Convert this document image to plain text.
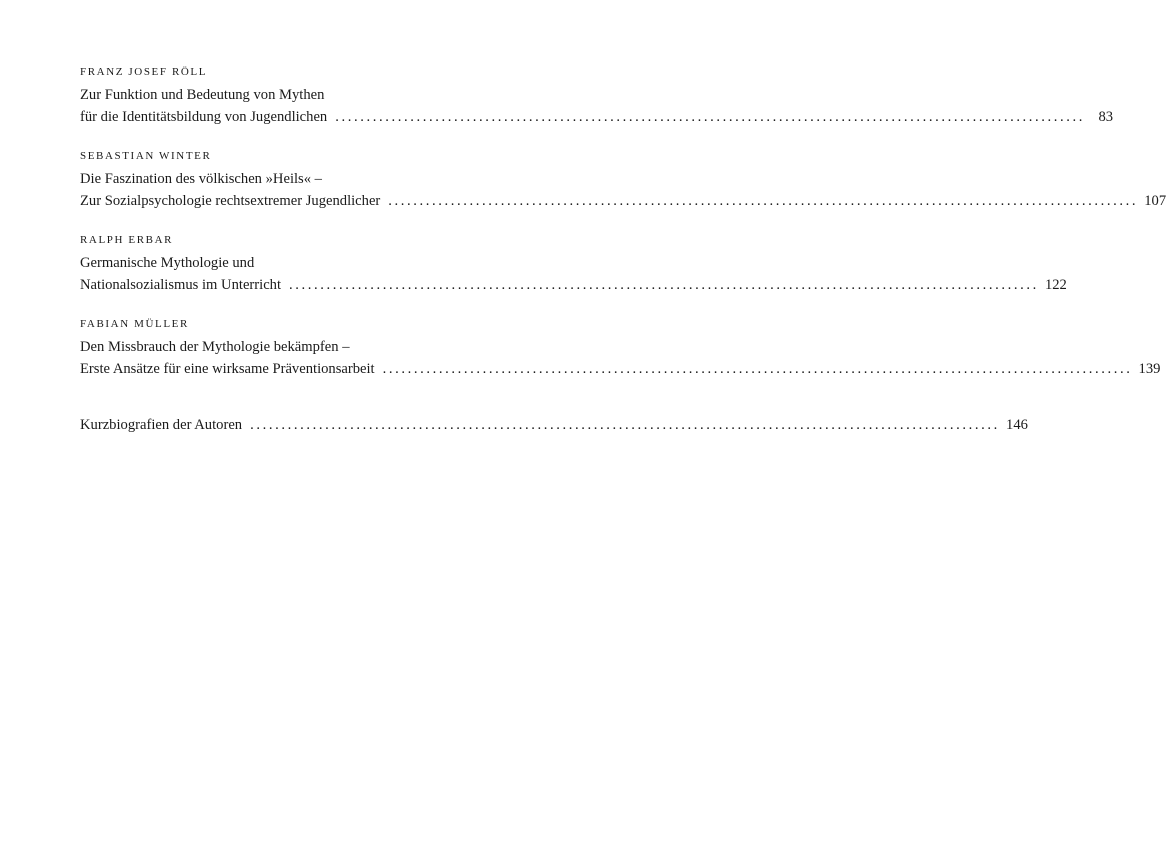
FRANZ JOSEF RÖLL
Zur Funktion und Bedeutung von Mythen
für die Identitätsbildung von Jugendlichen ........................................................................................................................ 83
SEBASTIAN WINTER
Die Faszination des völkischen »Heils« –
Zur Sozialpsychologie rechtsextremer Jugendlicher ........................................................................................................................ 107
RALPH ERBAR
Germanische Mythologie und
Nationalsozialismus im Unterricht ........................................................................................................................ 122
FABIAN MÜLLER
Den Missbrauch der Mythologie bekämpfen –
Erste Ansätze für eine wirksame Präventionsarbeit ........................................................................................................................ 139
Kurzbiografien der Autoren ........................................................................................................................ 146
